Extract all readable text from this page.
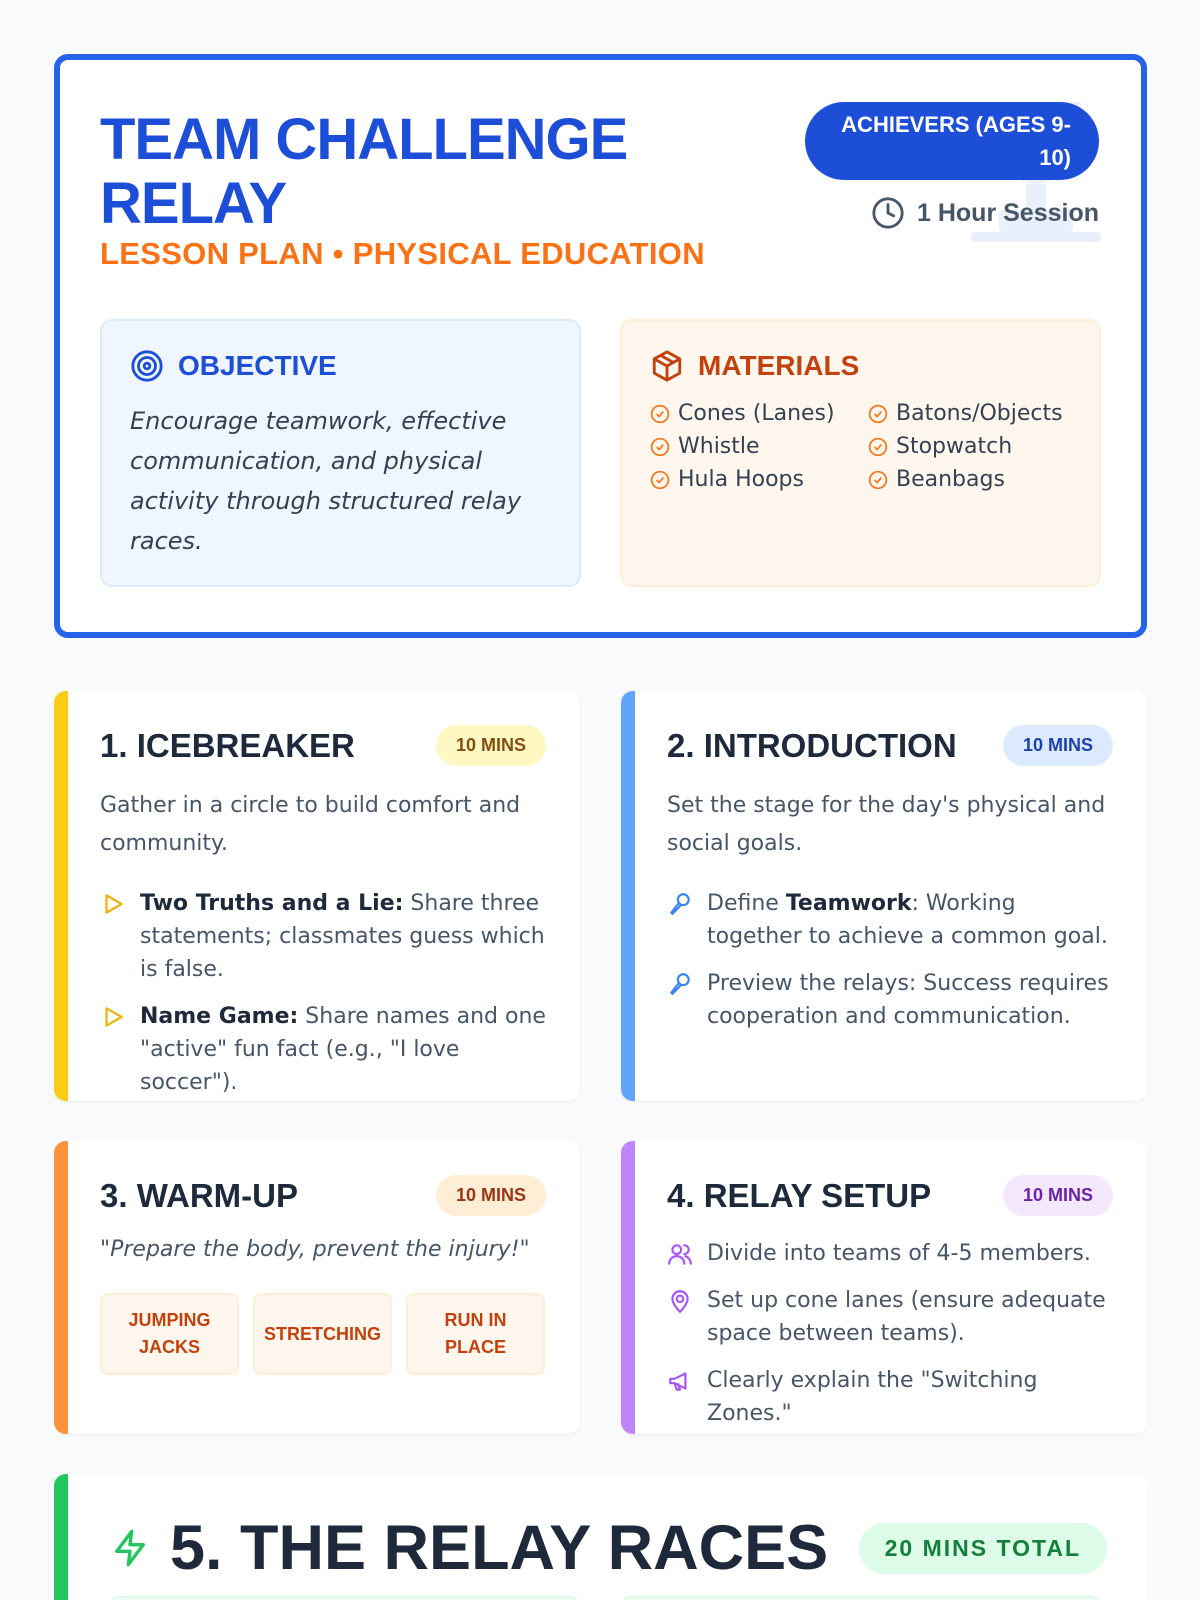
TEAM CHALLENGE RELAY
LESSON PLAN • PHYSICAL EDUCATION
ACHIEVERS (AGES 9-10)
1 Hour Session
OBJECTIVE

Encourage teamwork, effective communication, and physical activity through structured relay races.

MATERIALS
Cones (Lanes)	Batons/Objects
Whistle	Stopwatch
Hula Hoops	Beanbags
1. ICEBREAKER	10 MINS

Gather in a circle to build comfort and community.

Two Truths and a Lie: Share three statements; classmates guess which is false.
Name Game: Share names and one "active" fun fact (e.g., "I love soccer").
2. INTRODUCTION	10 MINS

Set the stage for the day's physical and social goals.

Define Teamwork: Working together to achieve a common goal.
Preview the relays: Success requires cooperation and communication.
3. WARM-UP	10 MINS

"Prepare the body, prevent the injury!"

JUMPING JACKS
STRETCHING
RUN IN PLACE
4. RELAY SETUP	10 MINS
Divide into teams of 4-5 members.
Set up cone lanes (ensure adequate space between teams).
Clearly explain the "Switching Zones."
5. THE RELAY RACES	20 MINS TOTAL
